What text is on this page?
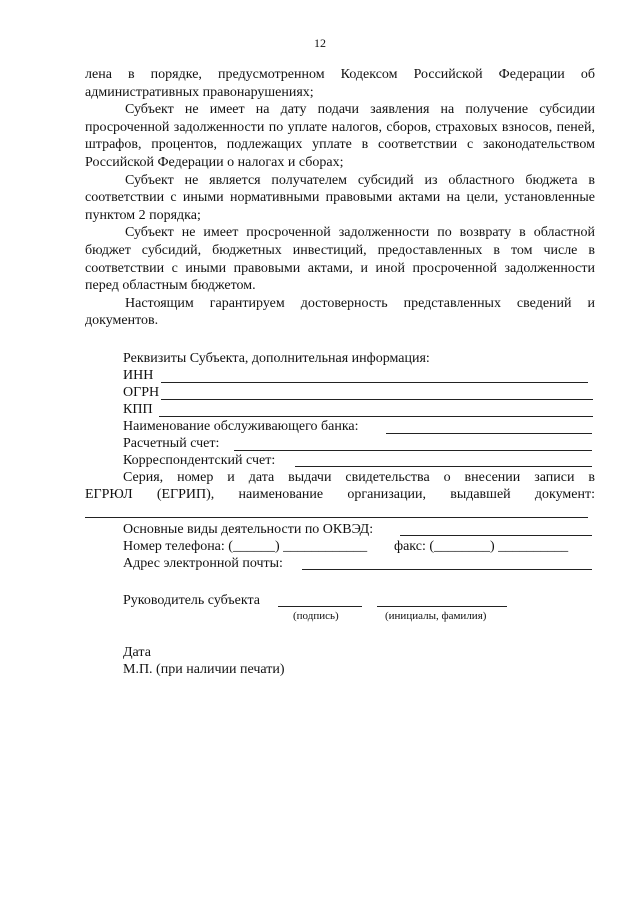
12

лена в порядке, предусмотренном Кодексом Российской Федерации об административных правонарушениях;

Субъект не имеет на дату подачи заявления на получение субсидии просроченной задолженности по уплате налогов, сборов, страховых взносов, пеней, штрафов, процентов, подлежащих уплате в соответствии с законодательством Российской Федерации о налогах и сборах;

Субъект не является получателем субсидий из областного бюджета в соответствии с иными нормативными правовыми актами на цели, установленные пунктом 2 порядка;

Субъект не имеет просроченной задолженности по возврату в областной бюджет субсидий, бюджетных инвестиций, предоставленных в том числе в соответствии с иными правовыми актами, и иной просроченной задолженности перед областным бюджетом.

Настоящим гарантируем достоверность представленных сведений и документов.

Реквизиты Субъекта, дополнительная информация:
ИНН
ОГРН
КПП
Наименование обслуживающего банка:
Расчетный счет:
Корреспондентский счет:
Серия, номер и дата выдачи свидетельства о внесении записи в
ЕГРЮЛ (ЕГРИП), наименование организации, выдавшей документ:
Основные виды деятельности по ОКВЭД:
Номер телефона: (______) ____________ факс: (________) __________
Адрес электронной почты:
Руководитель субъекта
(подпись)	(инициалы, фамилия)
Дата
М.П. (при наличии печати)
